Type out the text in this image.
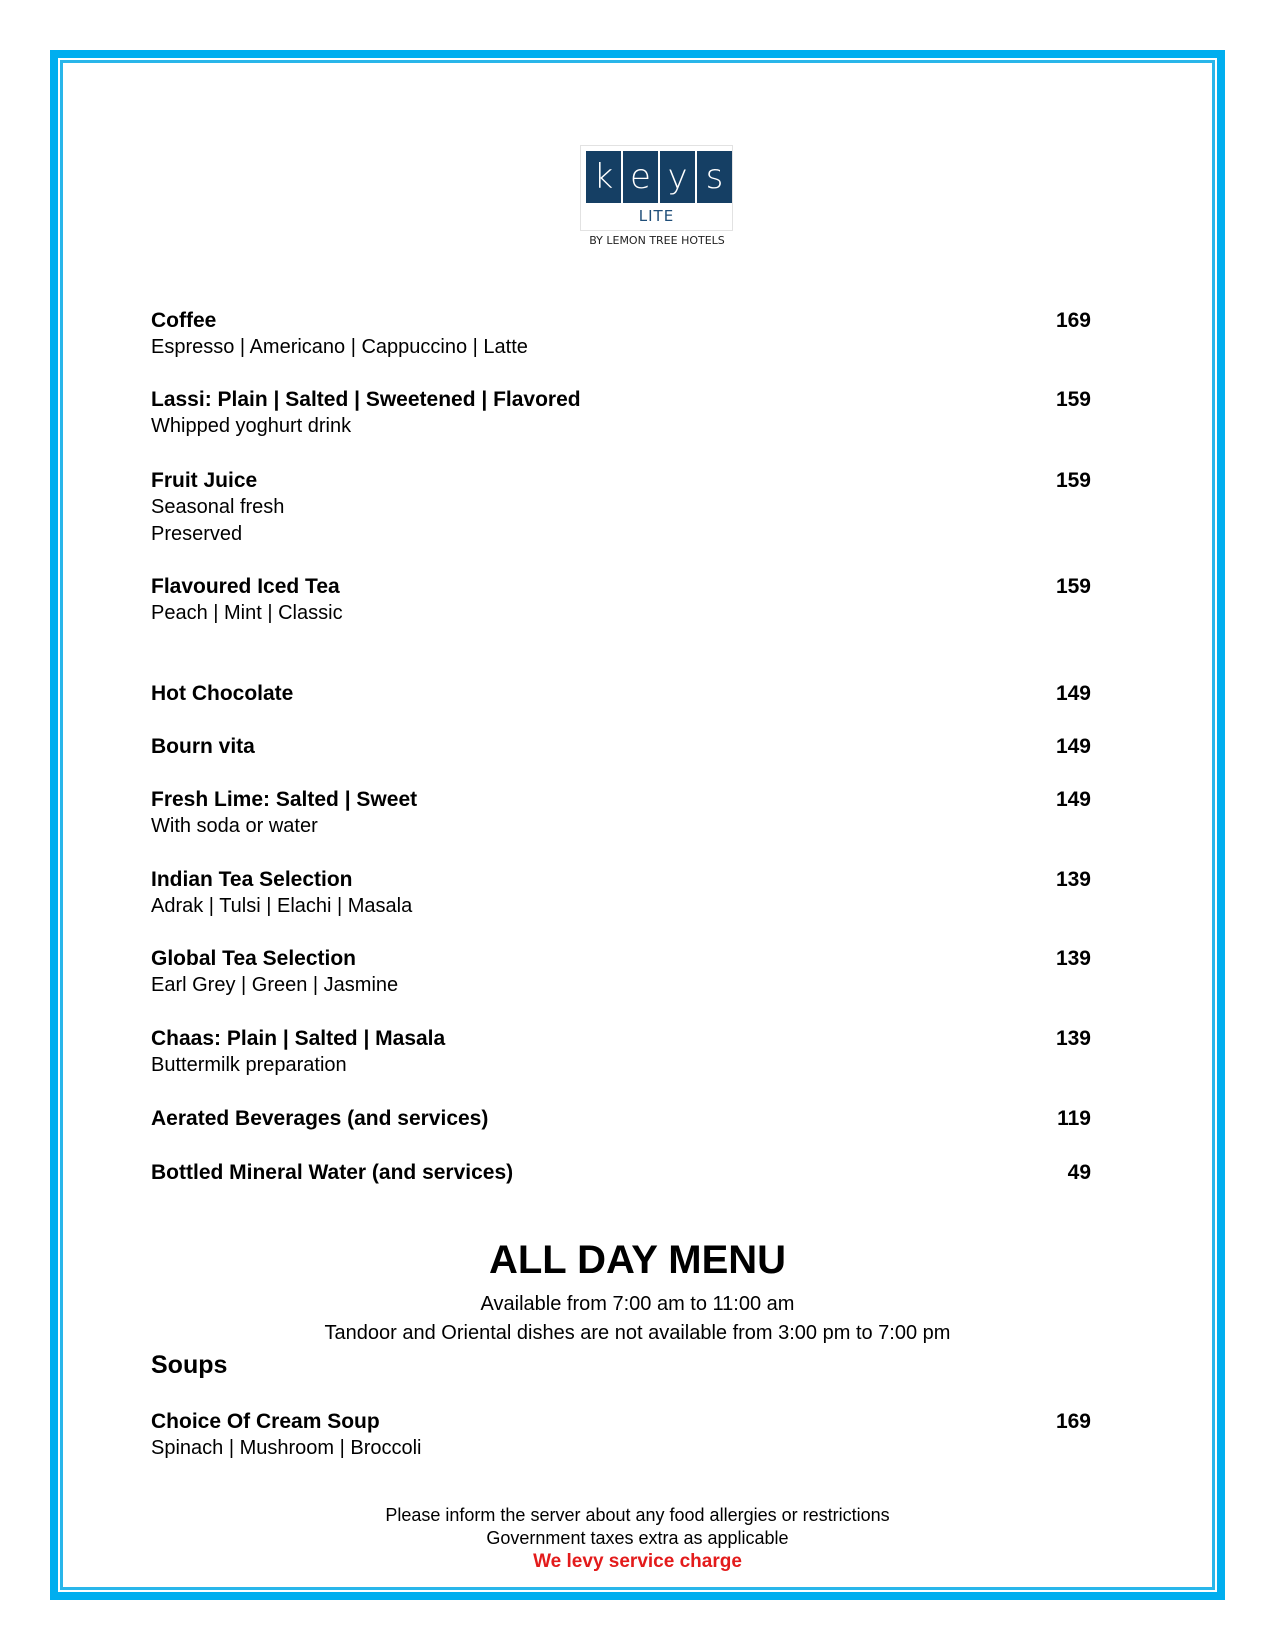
k e y s
LITE
BY LEMON TREE HOTELS
Coffee
Espresso | Americano | Cappuccino | Latte
169
Lassi: Plain | Salted | Sweetened | Flavored
Whipped yoghurt drink
159
Fruit Juice
Seasonal fresh
Preserved
159
Flavoured Iced Tea
Peach | Mint | Classic
159
Hot Chocolate	149
Bourn vita	149
Fresh Lime: Salted | Sweet
With soda or water
149
Indian Tea Selection
Adrak | Tulsi | Elachi | Masala
139
Global Tea Selection
Earl Grey | Green | Jasmine
139
Chaas: Plain | Salted | Masala
Buttermilk preparation
139
Aerated Beverages (and services)	119
Bottled Mineral Water (and services)	49
ALL DAY MENU
Available from 7:00 am to 11:00 am
Tandoor and Oriental dishes are not available from 3:00 pm to 7:00 pm
Soups
Choice Of Cream Soup
Spinach | Mushroom | Broccoli
169
Please inform the server about any food allergies or restrictions
Government taxes extra as applicable
We levy service charge
